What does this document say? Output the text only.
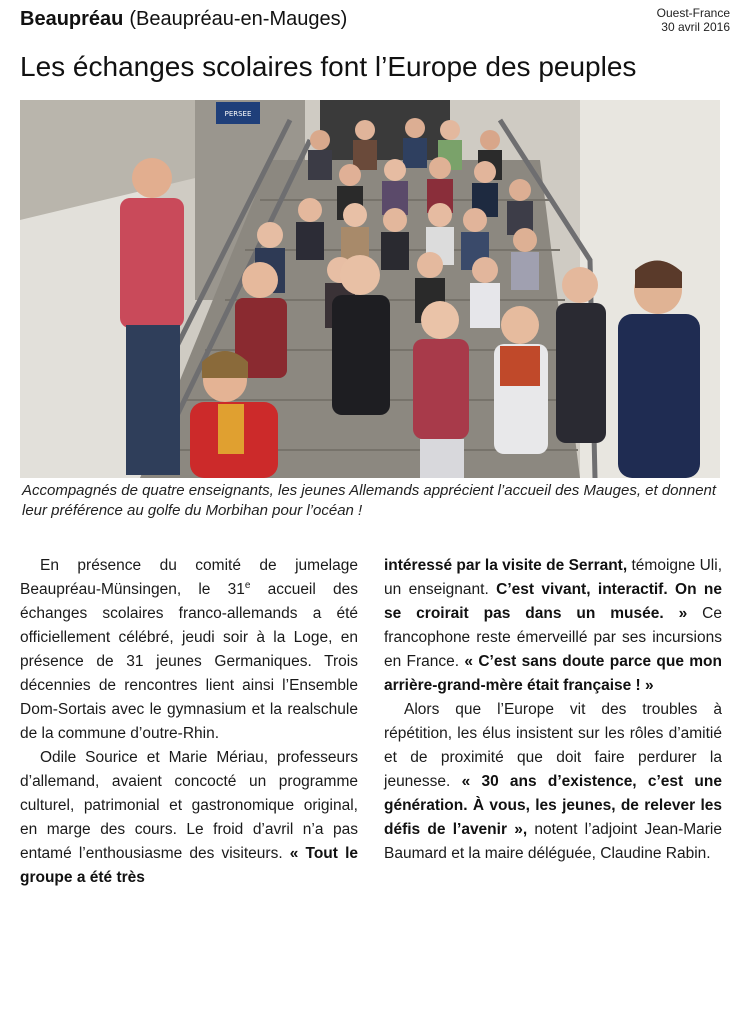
Beaupréau (Beaupréau-en-Mauges)	Ouest-France
30 avril 2016
Les échanges scolaires font l’Europe des peuples
PERSEE
Accompagnés de quatre enseignants, les jeunes Allemands apprécient l’accueil des Mauges, et donnent leur préférence au golfe du Morbihan pour l’océan !

En présence du comité de jumelage Beaupréau-Münsingen, le 31e accueil des échanges scolaires franco-allemands a été officiellement célébré, jeudi soir à la Loge, en présence de 31 jeunes Germaniques. Trois décennies de rencontres lient ainsi l’Ensemble Dom-Sortais avec le gymnasium et la realschule de la commune d’outre-Rhin.

Odile Sourice et Marie Mériau, professeurs d’allemand, avaient concocté un programme culturel, patrimonial et gastronomique original, en marge des cours. Le froid d’avril n’a pas entamé l’enthousiasme des visiteurs. « Tout le groupe a été très

intéressé par la visite de Serrant, témoigne Uli, un enseignant. C’est vivant, interactif. On ne se croirait pas dans un musée. » Ce francophone reste émerveillé par ses incursions en France. « C’est sans doute parce que mon arrière-grand-mère était française ! »

Alors que l’Europe vit des troubles à répétition, les élus insistent sur les rôles d’amitié et de proximité que doit faire perdurer la jeunesse. « 30 ans d’existence, c’est une génération. À vous, les jeunes, de relever les défis de l’avenir », notent l’adjoint Jean-Marie Baumard et la maire déléguée, Claudine Rabin.
